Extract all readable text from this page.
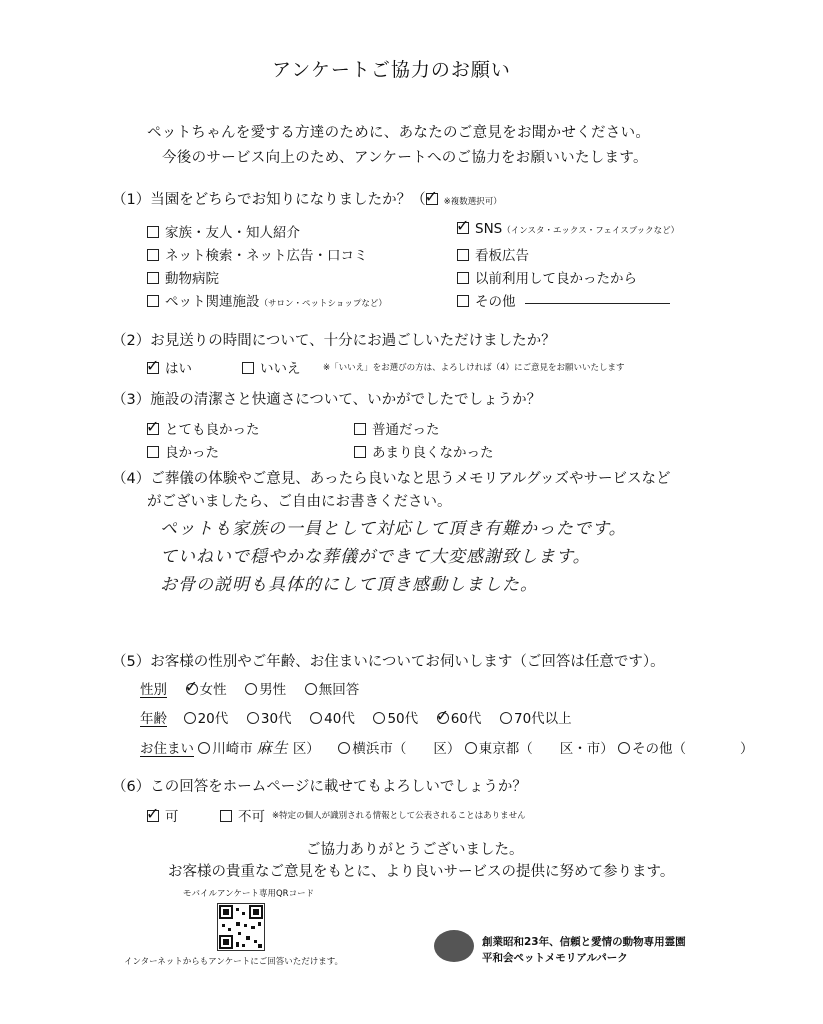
アンケートご協力のお願い
ペットちゃんを愛する方達のために、あなたのご意見をお聞かせください。
今後のサービス向上のため、アンケートへのご協力をお願いいたします。
（1）当園をどちらでお知りになりましたか？（ ✓ ※複数選択可）
家族・友人・知人紹介
ネット検索・ネット広告・口コミ
動物病院
ペット関連施設（サロン・ペットショップなど）
✓ SNS（インスタ・エックス・フェイスブックなど）
看板広告
以前利用して良かったから
その他
（2）お見送りの時間について、十分にお過ごしいただけましたか？
✓ はい	いいえ	※「いいえ」をお選びの方は、よろしければ（4）にご意見をお願いいたします
（3）施設の清潔さと快適さについて、いかがでしたでしょうか？
✓ とても良かった	普通だった
良かった	あまり良くなかった
（4）ご葬儀の体験やご意見、あったら良いなと思うメモリアルグッズやサービスなど
がございましたら、ご自由にお書きください。
ペットも家族の一員として対応して頂き有難かったです。
ていねいで穏やかな葬儀ができて大変感謝致します。
お骨の説明も具体的にして頂き感動しました。
（5）お客様の性別やご年齢、お住まいについてお伺いします（ご回答は任意です）。
性別 ✓ 女性 男性 無回答
年齢 20代 30代 40代 50代 ✓ 60代 70代以上
お住まい 川崎市 麻生 区） 横浜市（　　区） 東京都（　　区・市） その他（　　　　）
（6）この回答をホームページに載せてもよろしいでしょうか？
✓ 可	不可 ※特定の個人が識別される情報として公表されることはありません
ご協力ありがとうございました。
お客様の貴重なご意見をもとに、より良いサービスの提供に努めて参ります。
モバイルアンケート専用QRコード
インターネットからもアンケートにご回答いただけます。
創業昭和23年、信頼と愛情の動物専用霊園
平和会ペットメモリアルパーク
